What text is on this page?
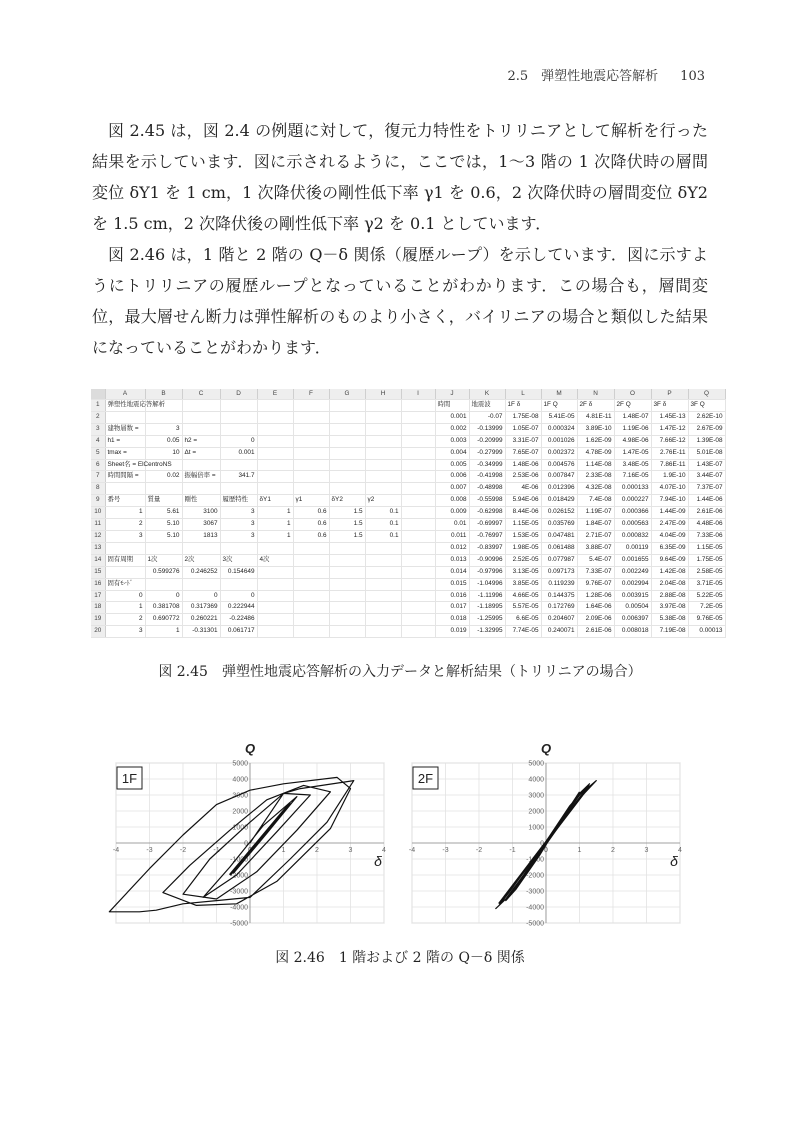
2.5　弾塑性地震応答解析 103

図 2.45 は，図 2.4 の例題に対して，復元力特性をトリリニアとして解析を行った結果を示しています．図に示されるように，ここでは，1〜3 階の 1 次降伏時の層間変位 δY1 を 1 cm，1 次降伏後の剛性低下率 γ1 を 0.6，2 次降伏時の層間変位 δY2 を 1.5 cm，2 次降伏後の剛性低下率 γ2 を 0.1 としています．

図 2.46 は，1 階と 2 階の Q－δ 関係（履歴ループ）を示しています．図に示すようにトリリニアの履歴ループとなっていることがわかります．この場合も，層間変位，最大層せん断力は弾性解析のものより小さく，バイリニアの場合と類似した結果になっていることがわかります．

	A	B	C	D	E	F	G	H	I	J	K	L	M	N	O	P	Q
1	弾塑性地震応答解析									時間	地震波	1F δ	1F Q	2F δ	2F Q	3F δ	3F Q
2										0.001	-0.07	1.75E-08	5.41E-05	4.81E-11	1.48E-07	1.45E-13	2.62E-10
3	建物層数 =	3								0.002	-0.13999	1.05E-07	0.000324	3.89E-10	1.19E-06	1.47E-12	2.67E-09
4	h1 =	0.05	h2 =	0						0.003	-0.20999	3.31E-07	0.001026	1.62E-09	4.98E-06	7.66E-12	1.39E-08
5	tmax =	10	Δt =	0.001						0.004	-0.27999	7.65E-07	0.002372	4.78E-09	1.47E-05	2.76E-11	5.01E-08
6	Sheet名 = ElCentroNS									0.005	-0.34999	1.48E-06	0.004576	1.14E-08	3.48E-05	7.86E-11	1.43E-07
7	時間間隔 =	0.02	振幅倍率 =	341.7						0.006	-0.41998	2.53E-06	0.007847	2.33E-08	7.16E-05	1.9E-10	3.44E-07
8										0.007	-0.48998	4E-06	0.012396	4.32E-08	0.000133	4.07E-10	7.37E-07
9	番号	質量	剛性	履歴特性	δY1	γ1	δY2	γ2		0.008	-0.55998	5.94E-06	0.018429	7.4E-08	0.000227	7.94E-10	1.44E-06
10	1	5.61	3100	3	1	0.6	1.5	0.1		0.009	-0.62998	8.44E-06	0.026152	1.19E-07	0.000366	1.44E-09	2.61E-06
11	2	5.10	3067	3	1	0.6	1.5	0.1		0.01	-0.69997	1.15E-05	0.035769	1.84E-07	0.000563	2.47E-09	4.48E-06
12	3	5.10	1813	3	1	0.6	1.5	0.1		0.011	-0.76997	1.53E-05	0.047481	2.71E-07	0.000832	4.04E-09	7.33E-06
13										0.012	-0.83997	1.98E-05	0.061488	3.88E-07	0.00119	6.35E-09	1.15E-05
14	固有周期	1次	2次	3次	4次					0.013	-0.90996	2.52E-05	0.077987	5.4E-07	0.001655	9.64E-09	1.75E-05
15		0.599276	0.246252	0.154649						0.014	-0.97996	3.13E-05	0.097173	7.33E-07	0.002249	1.42E-08	2.58E-05
16	固有ﾓｰﾄﾞ									0.015	-1.04996	3.85E-05	0.119239	9.76E-07	0.002994	2.04E-08	3.71E-05
17	0	0	0	0						0.016	-1.11996	4.66E-05	0.144375	1.28E-06	0.003915	2.88E-08	5.22E-05
18	1	0.381708	0.317369	0.222944						0.017	-1.18995	5.57E-05	0.172769	1.64E-06	0.00504	3.97E-08	7.2E-05
19	2	0.690772	0.260221	-0.22486						0.018	-1.25995	6.6E-05	0.204607	2.09E-06	0.006397	5.38E-08	9.76E-05
20	3	1	-0.31301	0.061717						0.019	-1.32995	7.74E-05	0.240071	2.61E-06	0.008018	7.19E-08	0.00013
図 2.45　弾塑性地震応答解析の入力データと解析結果（トリリニアの場合）
5000
4000
3000
2000
1000
0
-1000
-2000
-3000
-4000
-5000
-4	-3	-2	-1	0	1	2	3	4
Q
δ
1F
5000
4000
3000
2000
1000
0
-1000
-2000
-3000
-4000
-5000
-4	-3	-2	-1	0	1	2	3	4
Q
δ
2F
図 2.46　1 階および 2 階の Q－δ 関係
